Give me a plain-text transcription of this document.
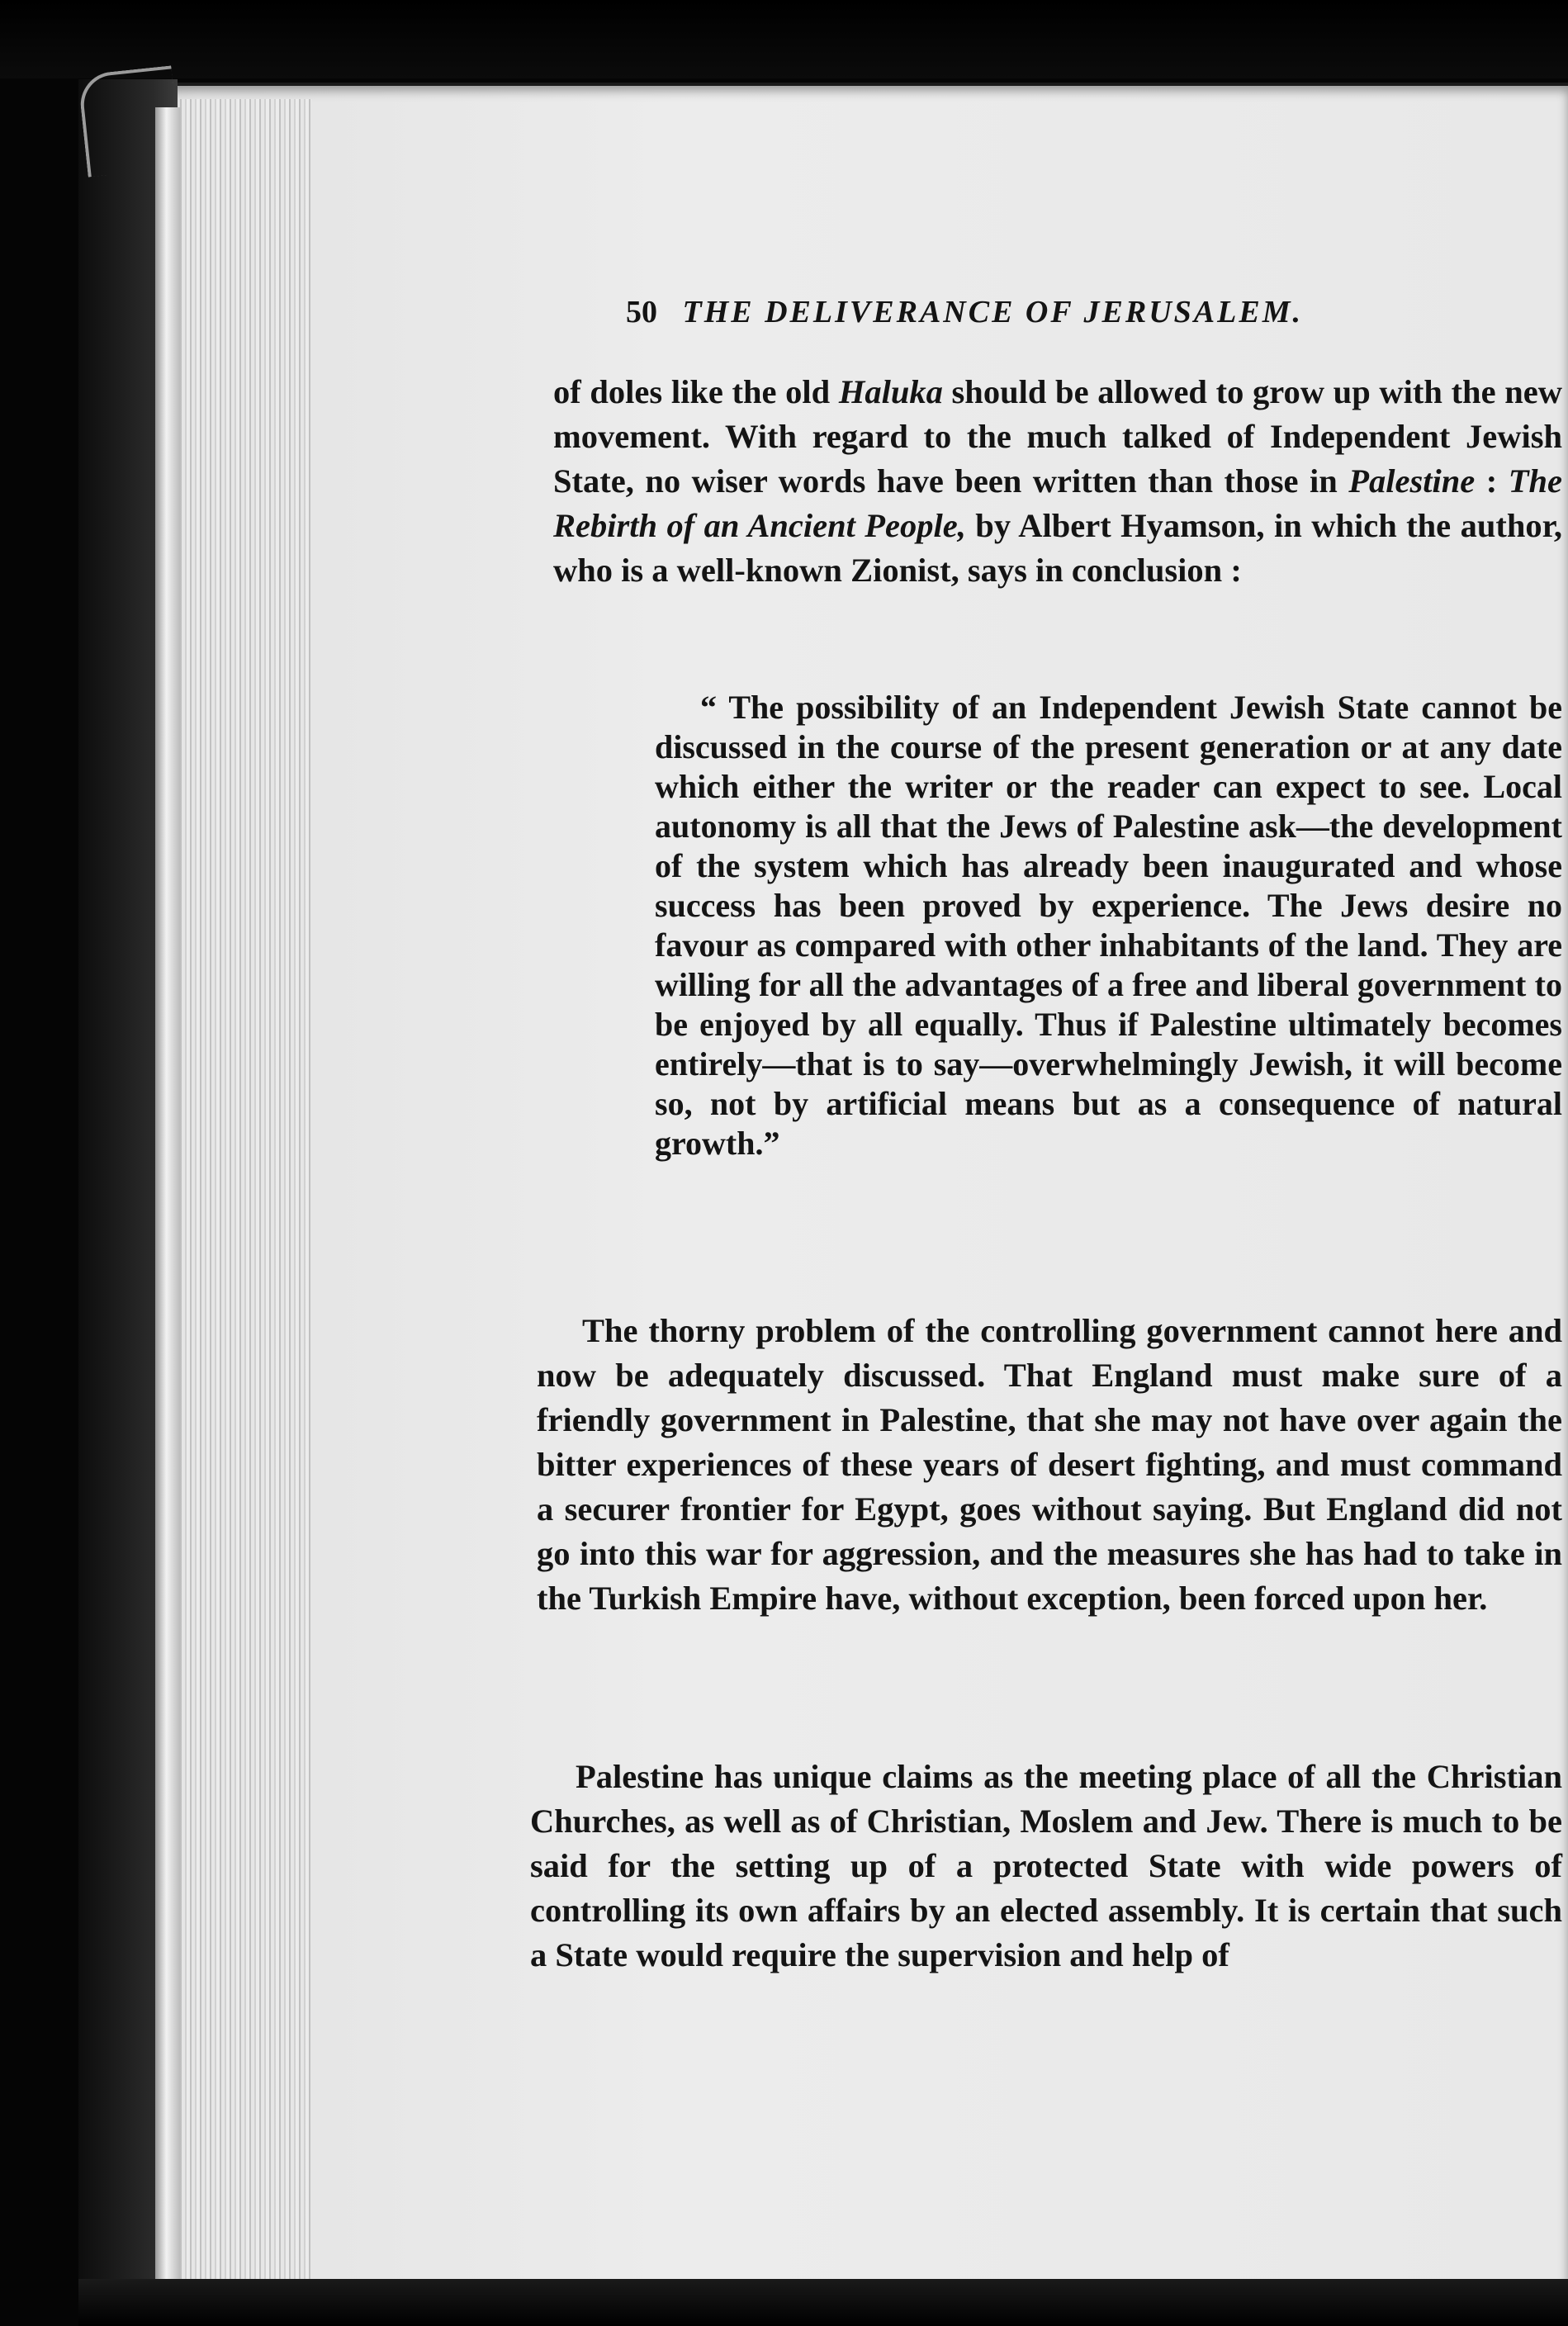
50 THE DELIVERANCE OF JERUSALEM.

of doles like the old Haluka should be allowed to grow up with the new movement. With regard to the much talked of Independent Jewish State, no wiser words have been written than those in Palestine : The Rebirth of an Ancient People, by Albert Hyamson, in which the author, who is a well-known Zionist, says in conclusion :

“ The possibility of an Independent Jewish State cannot be discussed in the course of the present generation or at any date which either the writer or the reader can expect to see. Local autonomy is all that the Jews of Palestine ask—the development of the system which has already been inaugurated and whose success has been proved by experience. The Jews desire no favour as compared with other inhabitants of the land. They are willing for all the advantages of a free and liberal government to be enjoyed by all equally. Thus if Palestine ultimately becomes entirely—that is to say—overwhelmingly Jewish, it will become so, not by artificial means but as a consequence of natural growth.”

The thorny problem of the controlling government cannot here and now be adequately discussed. That England must make sure of a friendly government in Palestine, that she may not have over again the bitter experiences of these years of desert fighting, and must command a securer frontier for Egypt, goes without saying. But England did not go into this war for aggression, and the measures she has had to take in the Turkish Empire have, without exception, been forced upon her.

Palestine has unique claims as the meeting place of all the Christian Churches, as well as of Christian, Moslem and Jew. There is much to be said for the setting up of a protected State with wide powers of controlling its own affairs by an elected assembly. It is certain that such a State would require the supervision and help of
